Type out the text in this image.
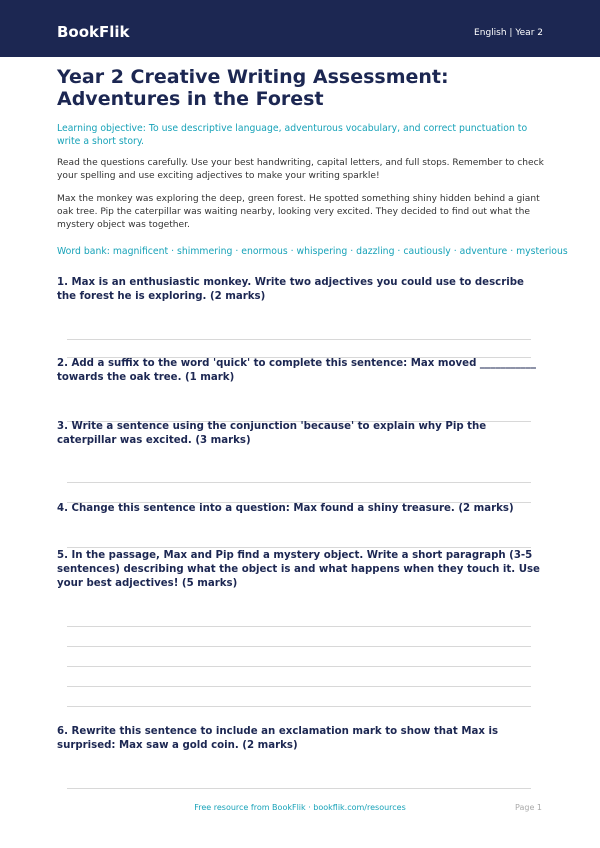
BookFlik	English | Year 2
Year 2 Creative Writing Assessment: Adventures in the Forest

Learning objective: To use descriptive language, adventurous vocabulary, and correct punctuation to write a short story.

Read the questions carefully. Use your best handwriting, capital letters, and full stops. Remember to check your spelling and use exciting adjectives to make your writing sparkle!

Max the monkey was exploring the deep, green forest. He spotted something shiny hidden behind a giant oak tree. Pip the caterpillar was waiting nearby, looking very excited. They decided to find out what the mystery object was together.

Word bank: magnificent · shimmering · enormous · whispering · dazzling · cautiously · adventure · mysterious

1. Max is an enthusiastic monkey. Write two adjectives you could use to describe the forest he is exploring. (2 marks)

2. Add a suffix to the word 'quick' to complete this sentence: Max moved ___________ towards the oak tree. (1 mark)

3. Write a sentence using the conjunction 'because' to explain why Pip the caterpillar was excited. (3 marks)

4. Change this sentence into a question: Max found a shiny treasure. (2 marks)

5. In the passage, Max and Pip find a mystery object. Write a short paragraph (3-5 sentences) describing what the object is and what happens when they touch it. Use your best adjectives! (5 marks)

6. Rewrite this sentence to include an exclamation mark to show that Max is surprised: Max saw a gold coin. (2 marks)

Free resource from BookFlik · bookflik.com/resources	Page 1
